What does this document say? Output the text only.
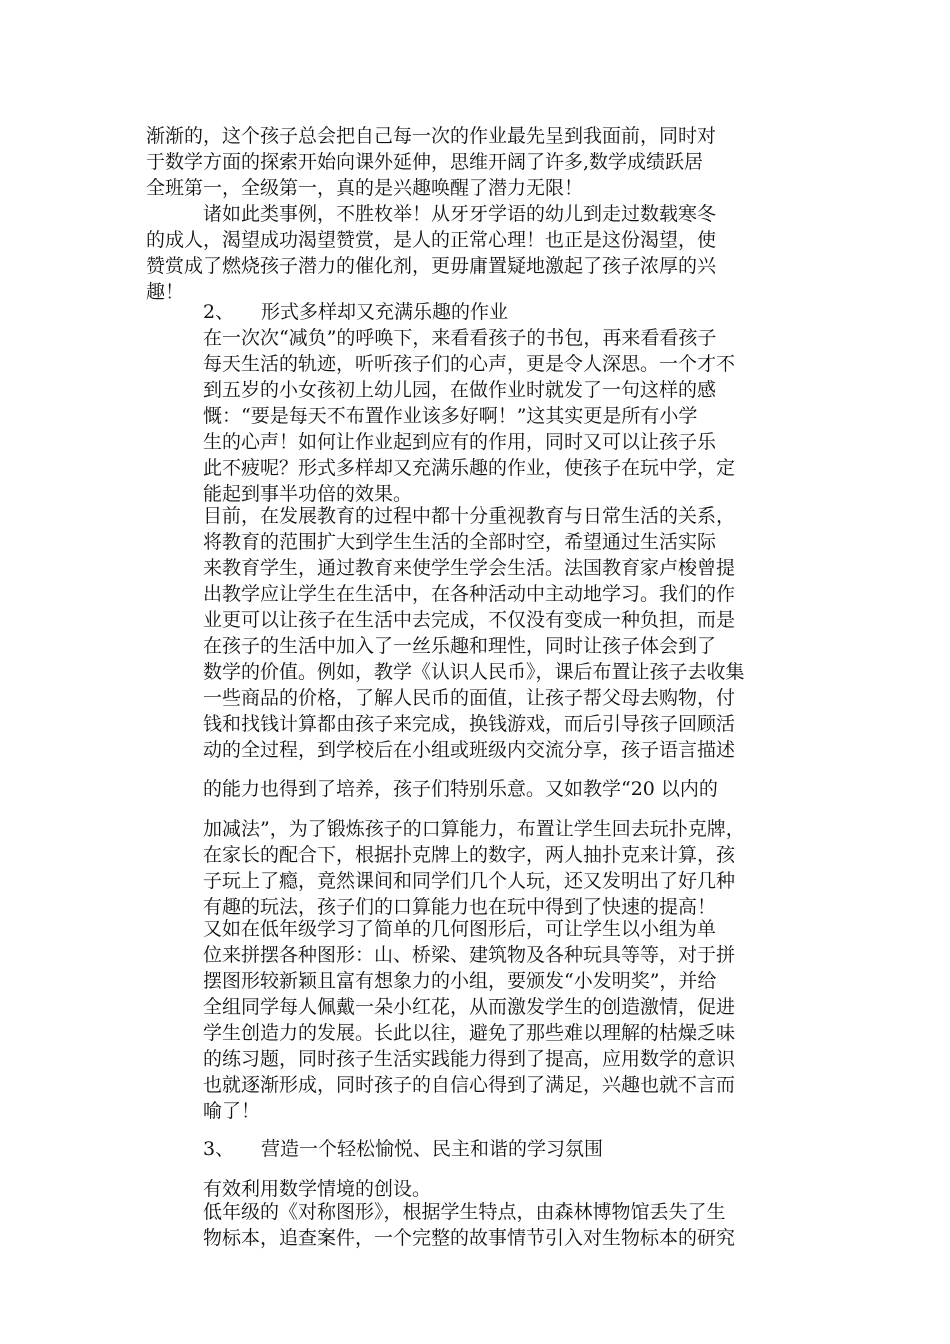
渐渐的，这个孩子总会把自己每一次的作业最先呈到我面前，同时对
于数学方面的探索开始向课外延伸，思维开阔了许多,数学成绩跃居
全班第一，全级第一，真的是兴趣唤醒了潜力无限！
诸如此类事例，不胜枚举！从牙牙学语的幼儿到走过数载寒冬
的成人，渴望成功渴望赞赏，是人的正常心理！也正是这份渴望，使
赞赏成了燃烧孩子潜力的催化剂，更毋庸置疑地激起了孩子浓厚的兴
趣！
2、 形式多样却又充满乐趣的作业
在一次次“减负”的呼唤下，来看看孩子的书包，再来看看孩子
每天生活的轨迹，听听孩子们的心声，更是令人深思。一个才不
到五岁的小女孩初上幼儿园，在做作业时就发了一句这样的感
慨：“要是每天不布置作业该多好啊！”这其实更是所有小学
生的心声！如何让作业起到应有的作用，同时又可以让孩子乐
此不疲呢？形式多样却又充满乐趣的作业，使孩子在玩中学，定
能起到事半功倍的效果。
目前，在发展教育的过程中都十分重视教育与日常生活的关系，
将教育的范围扩大到学生生活的全部时空，希望通过生活实际
来教育学生，通过教育来使学生学会生活。法国教育家卢梭曾提
出教学应让学生在生活中，在各种活动中主动地学习。我们的作
业更可以让孩子在生活中去完成，不仅没有变成一种负担，而是
在孩子的生活中加入了一丝乐趣和理性，同时让孩子体会到了
数学的价值。例如，教学《认识人民币》，课后布置让孩子去收集
一些商品的价格，了解人民币的面值，让孩子帮父母去购物，付
钱和找钱计算都由孩子来完成，换钱游戏，而后引导孩子回顾活
动的全过程，到学校后在小组或班级内交流分享，孩子语言描述
的能力也得到了培养，孩子们特别乐意。又如教学“20 以内的
加减法”，为了锻炼孩子的口算能力，布置让学生回去玩扑克牌，
在家长的配合下，根据扑克牌上的数字，两人抽扑克来计算，孩
子玩上了瘾，竟然课间和同学们几个人玩，还又发明出了好几种
有趣的玩法，孩子们的口算能力也在玩中得到了快速的提高！
又如在低年级学习了简单的几何图形后，可让学生以小组为单
位来拼摆各种图形：山、桥梁、建筑物及各种玩具等等，对于拼
摆图形较新颖且富有想象力的小组，要颁发“小发明奖”，并给
全组同学每人佩戴一朵小红花，从而激发学生的创造激情，促进
学生创造力的发展。长此以往，避免了那些难以理解的枯燥乏味
的练习题，同时孩子生活实践能力得到了提高，应用数学的意识
也就逐渐形成，同时孩子的自信心得到了满足，兴趣也就不言而
喻了！
3、 营造一个轻松愉悦、民主和谐的学习氛围
有效利用数学情境的创设。
低年级的《对称图形》，根据学生特点，由森林博物馆丢失了生
物标本，追查案件，一个完整的故事情节引入对生物标本的研究
